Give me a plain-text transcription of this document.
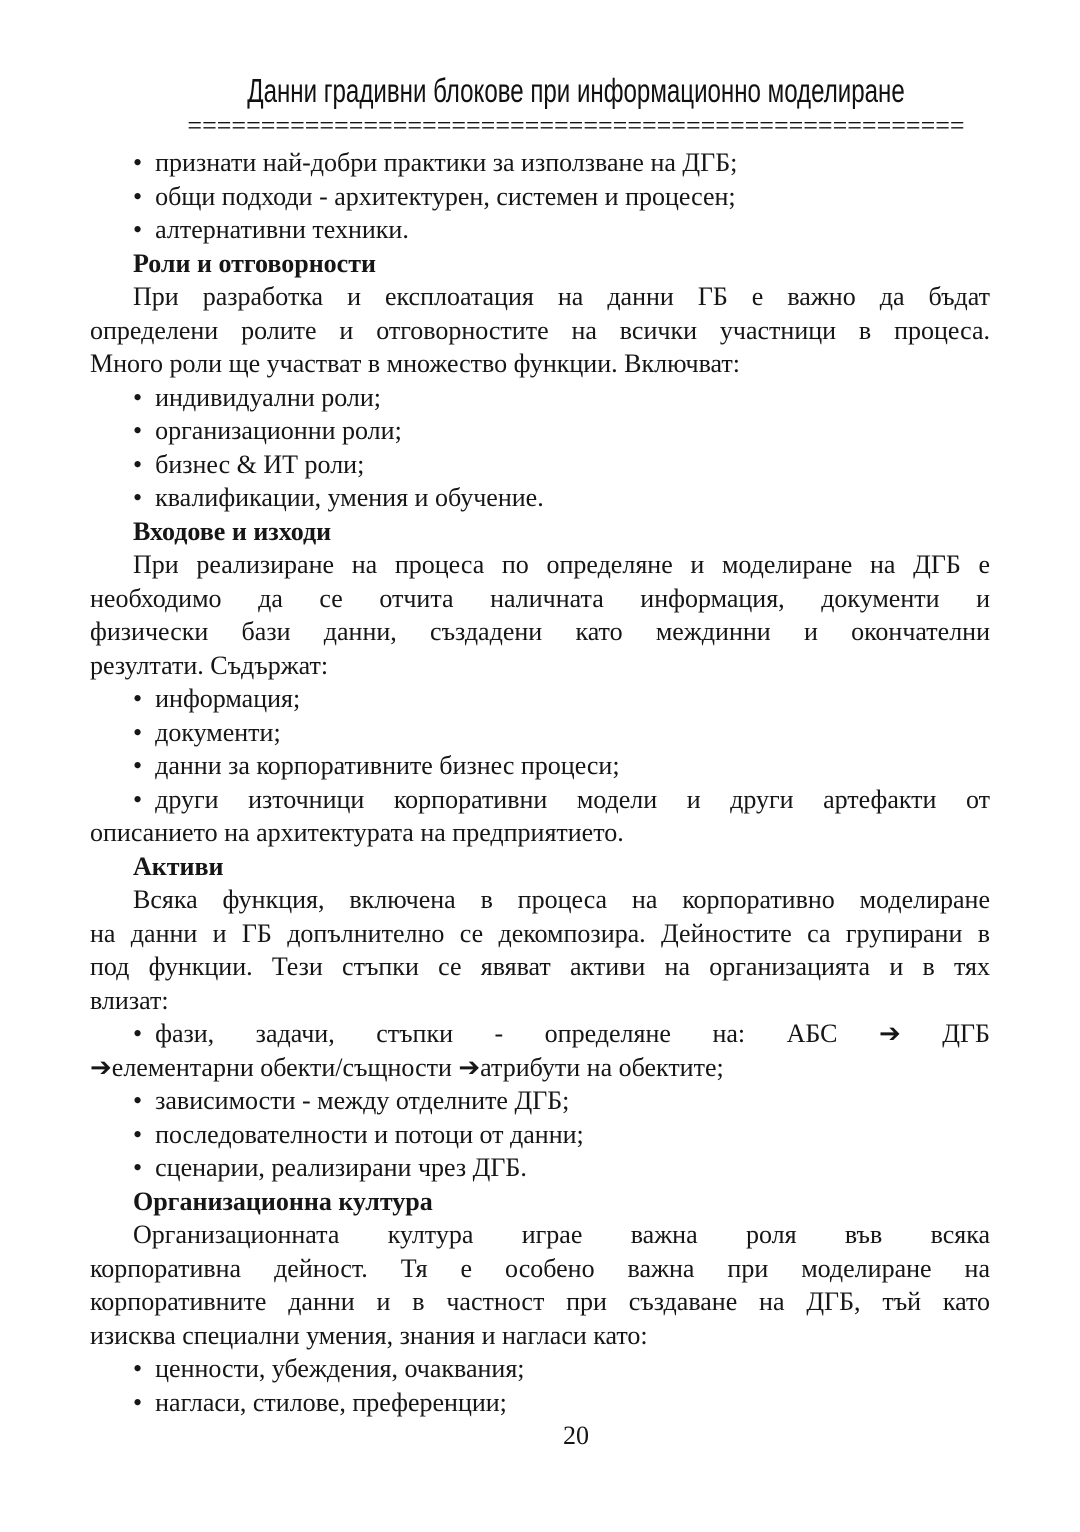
Данни градивни блокове при информационно моделиране
=====================================================
• признати най-добри практики за използване на ДГБ;
• общи подходи - архитектурен, системен и процесен;
• алтернативни техники.
Роли и отговорности
При разработка и експлоатация на данни ГБ е важно да бъдат
определени ролите и отговорностите на всички участници в процеса.
Много роли ще участват в множество функции. Включват:
• индивидуални роли;
• организационни роли;
• бизнес & ИТ роли;
• квалификации, умения и обучение.
Входове и изходи
При реализиране на процеса по определяне и моделиране на ДГБ е
необходимо да се отчита наличната информация, документи и
физически бази данни, създадени като междинни и окончателни
резултати. Съдържат:
• информация;
• документи;
• данни за корпоративните бизнес процеси;
• други източници корпоративни модели и други артефакти от
описанието на архитектурата на предприятието.
Активи
Всяка функция, включена в процеса на корпоративно моделиране
на данни и ГБ допълнително се декомпозира. Дейностите са групирани в
под функции. Тези стъпки се явяват активи на организацията и в тях
влизат:
• фази, задачи, стъпки - определяне на: АБС ➔ ДГБ
➔елементарни обекти/същности ➔атрибути на обектите;
• зависимости - между отделните ДГБ;
• последователности и потоци от данни;
• сценарии, реализирани чрез ДГБ.
Организационна култура
Организационната култура играе важна роля във всяка
корпоративна дейност. Тя е особено важна при моделиране на
корпоративните данни и в частност при създаване на ДГБ, тъй като
изисква специални умения, знания и нагласи като:
• ценности, убеждения, очаквания;
• нагласи, стилове, преференции;
20
